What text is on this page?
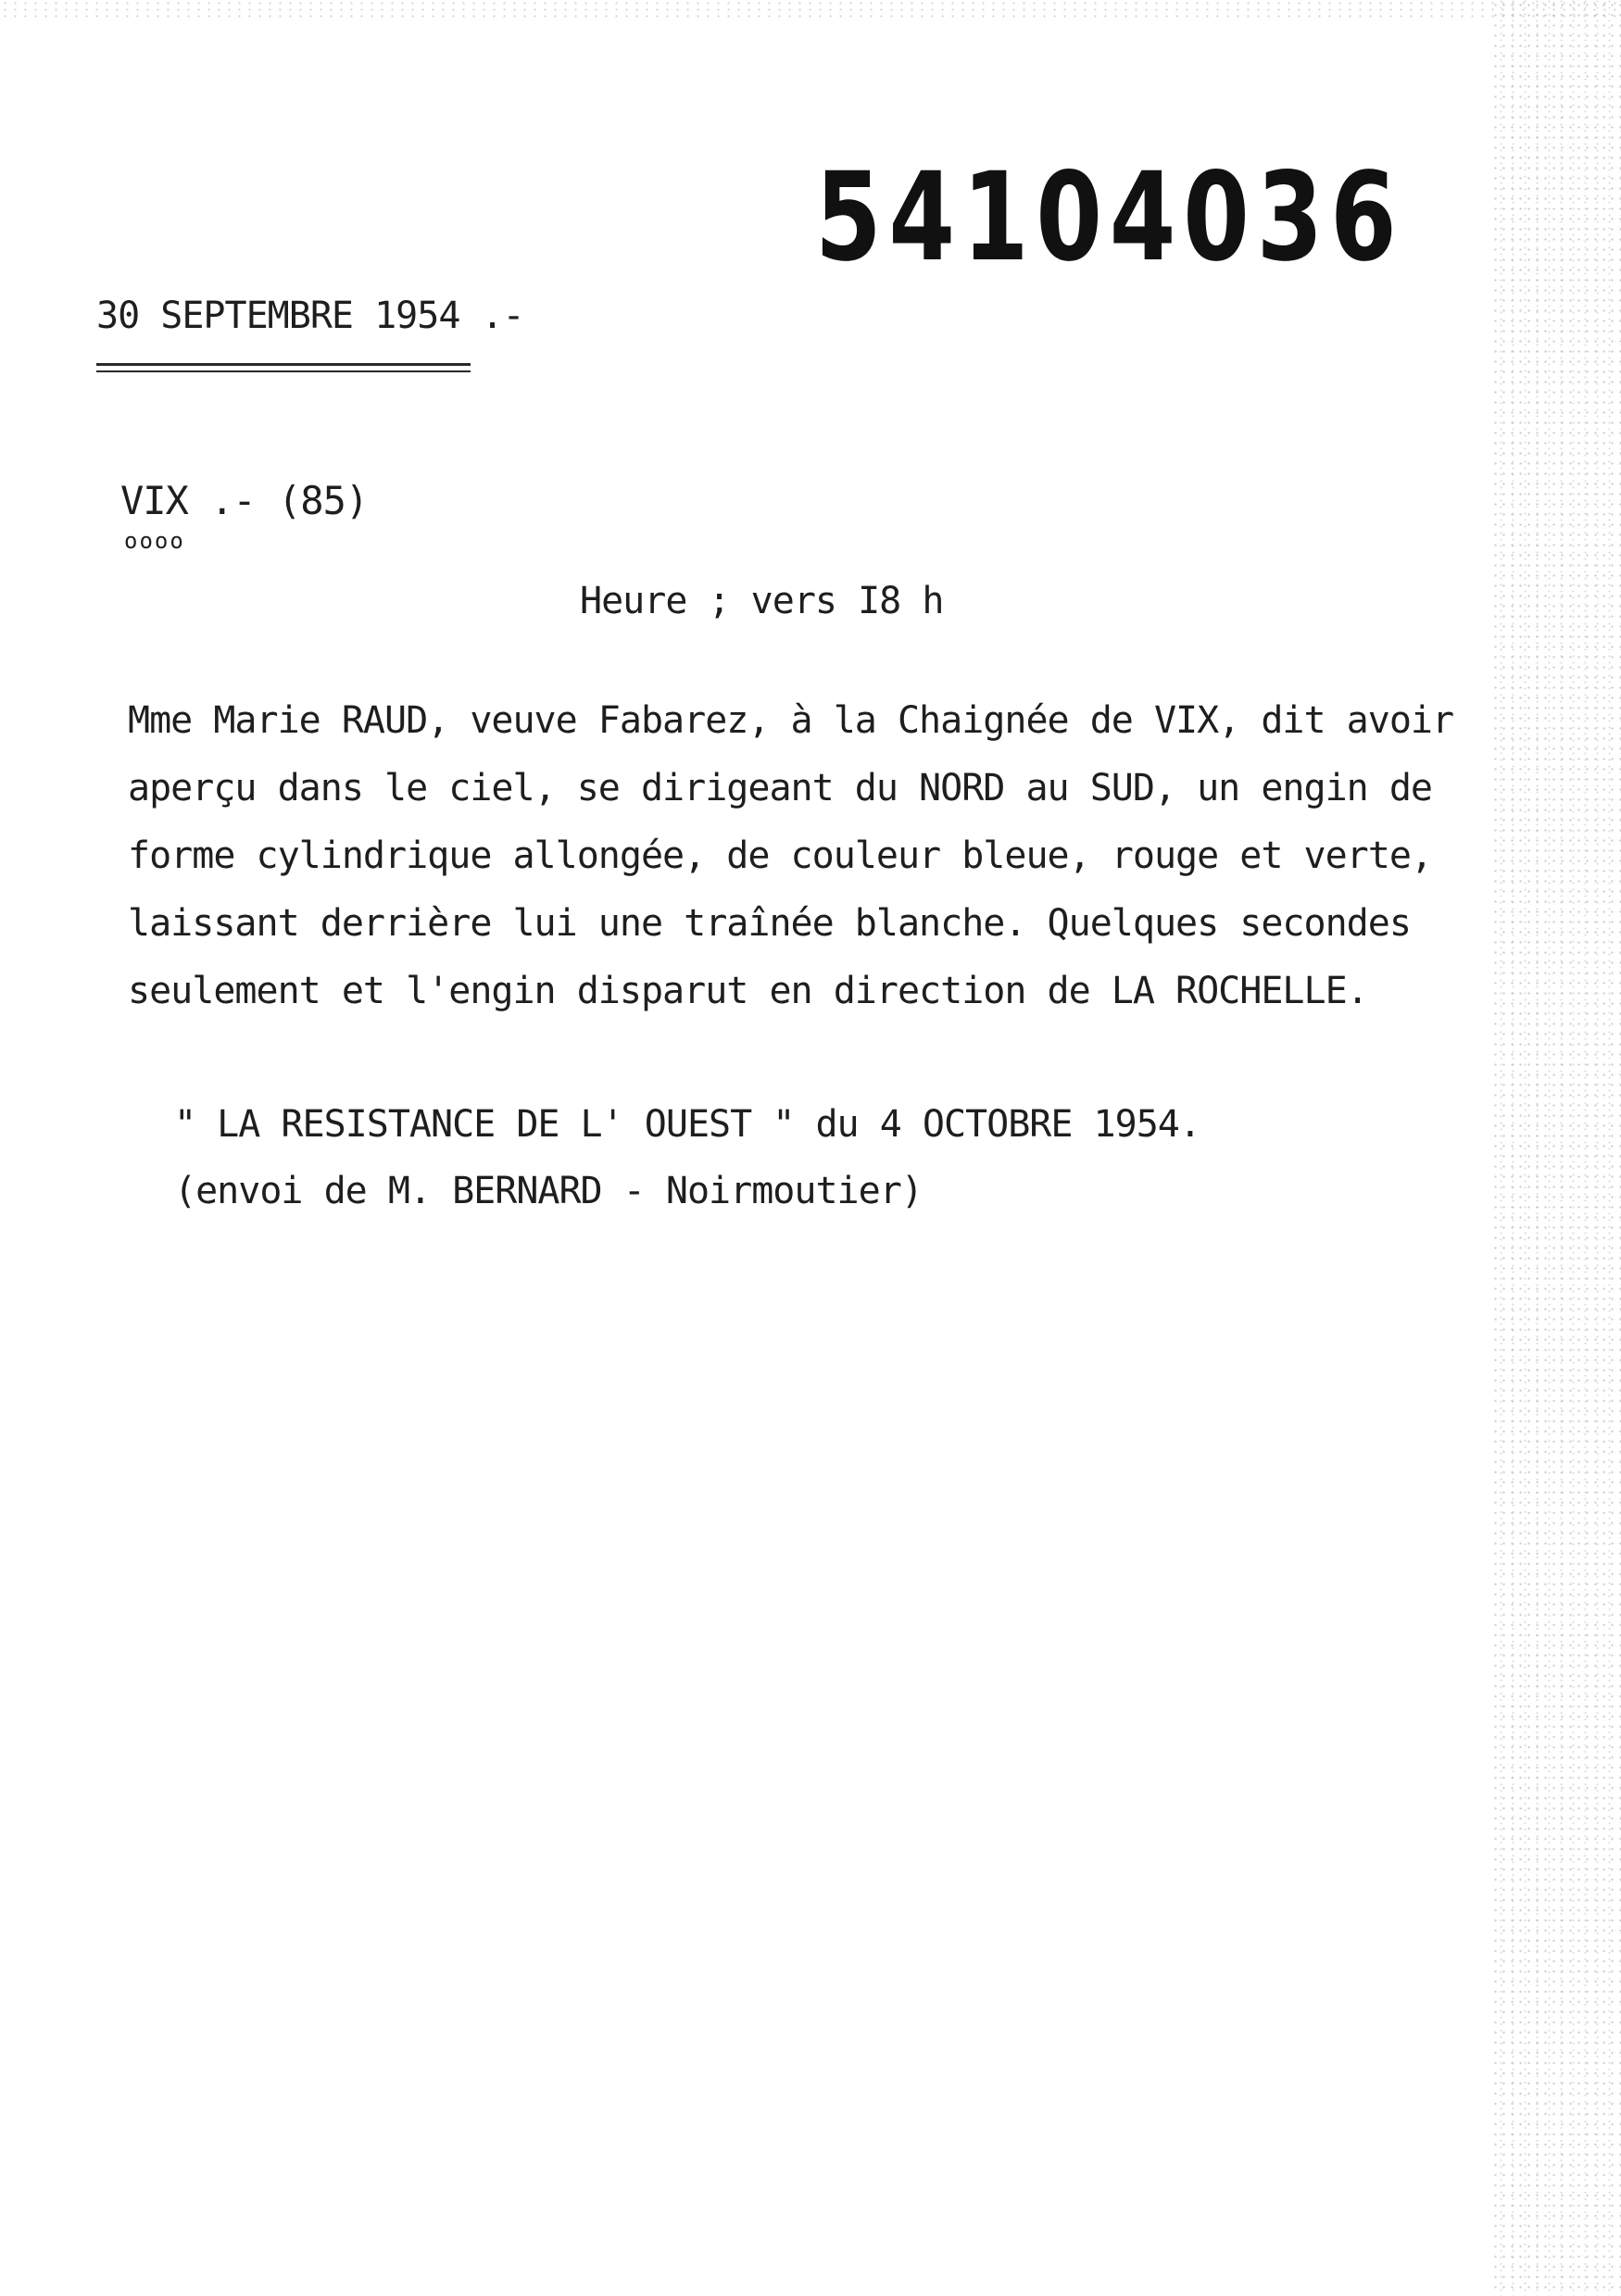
54104036
30 SEPTEMBRE 1954 .-
VIX .- (85)
oooo
Heure ; vers I8 h
Mme Marie RAUD, veuve Fabarez, à la Chaignée de VIX, dit avoir
aperçu dans le ciel, se dirigeant du NORD au SUD, un engin de
forme cylindrique allongée, de couleur bleue, rouge et verte,
laissant derrière lui une traînée blanche. Quelques secondes
seulement et l'engin disparut en direction de LA ROCHELLE.
" LA RESISTANCE DE L' OUEST " du 4 OCTOBRE 1954.
(envoi de M. BERNARD - Noirmoutier)
